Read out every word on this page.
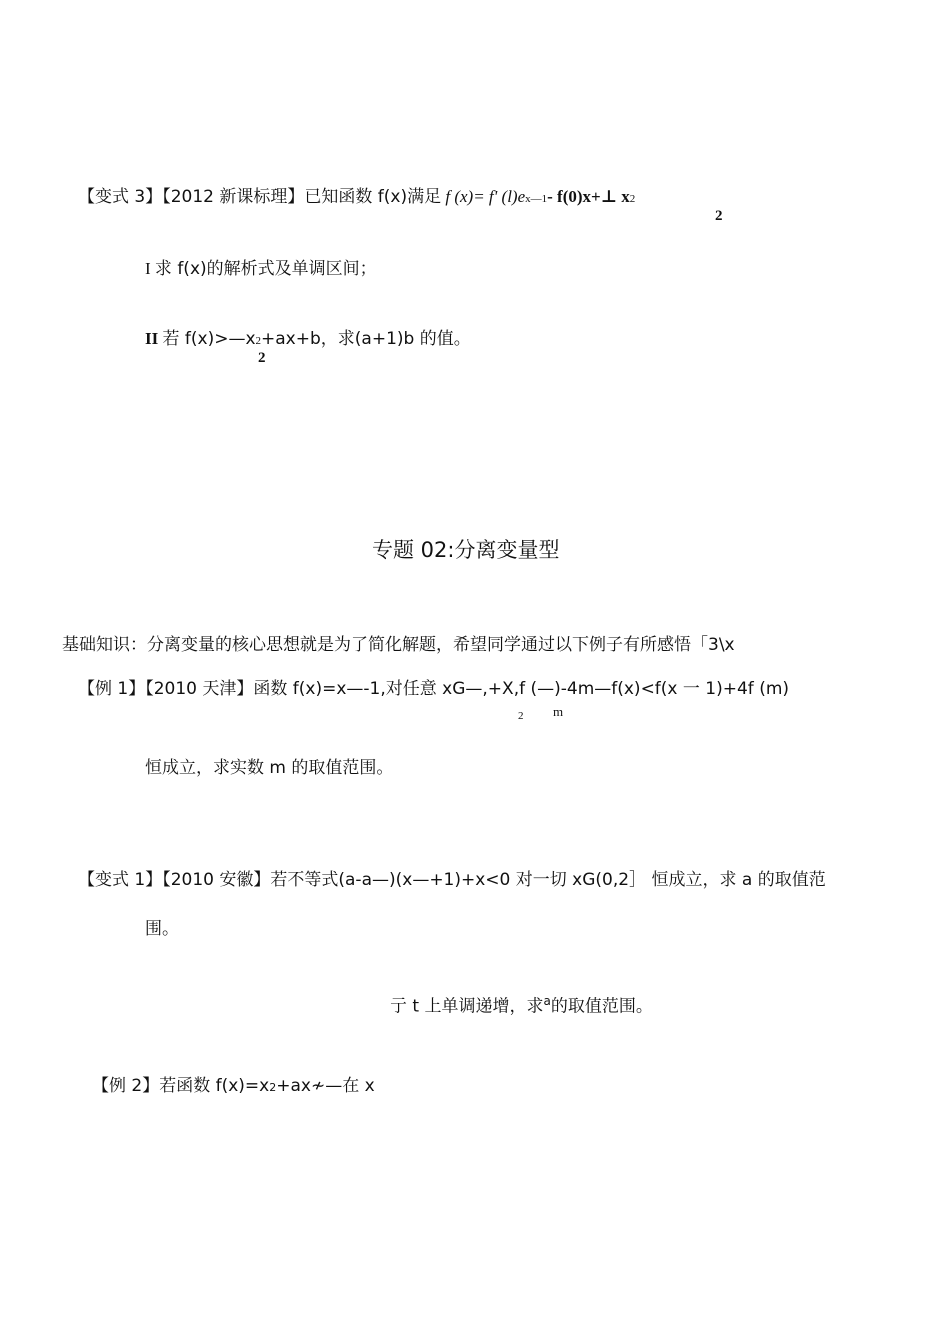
【变式 3】【2012 新课标理】已知函数 f(x)满足 f (x)= f' (l)ex—1- f(0)x+⊥ x2
2
I 求 f(x)的解析式及单调区间；
II 若 f(x)>—x2+ax+b，求(a+1)b 的值。
2
专题 02:分离变量型
基础知识：分离变量的核心思想就是为了简化解题，希望同学通过以下例子有所感悟「3\x
【例 1】【2010 天津】函数 f(x)=x—-1,对任意 xG—,+X,f (—)-4m—f(x)<f(x 一 1)+4f (m)
2 m
恒成立，求实数 m 的取值范围。
【变式 1】【2010 安徽】若不等式(a-a—)(x—+1)+x<0 对一切 xG(0,2］ 恒成立，求 a 的取值范
围。
亍 t 上单调递增，求$^a$的取值范围。
【例 2】若函数 f(x)=x2+ax≁—在 x
